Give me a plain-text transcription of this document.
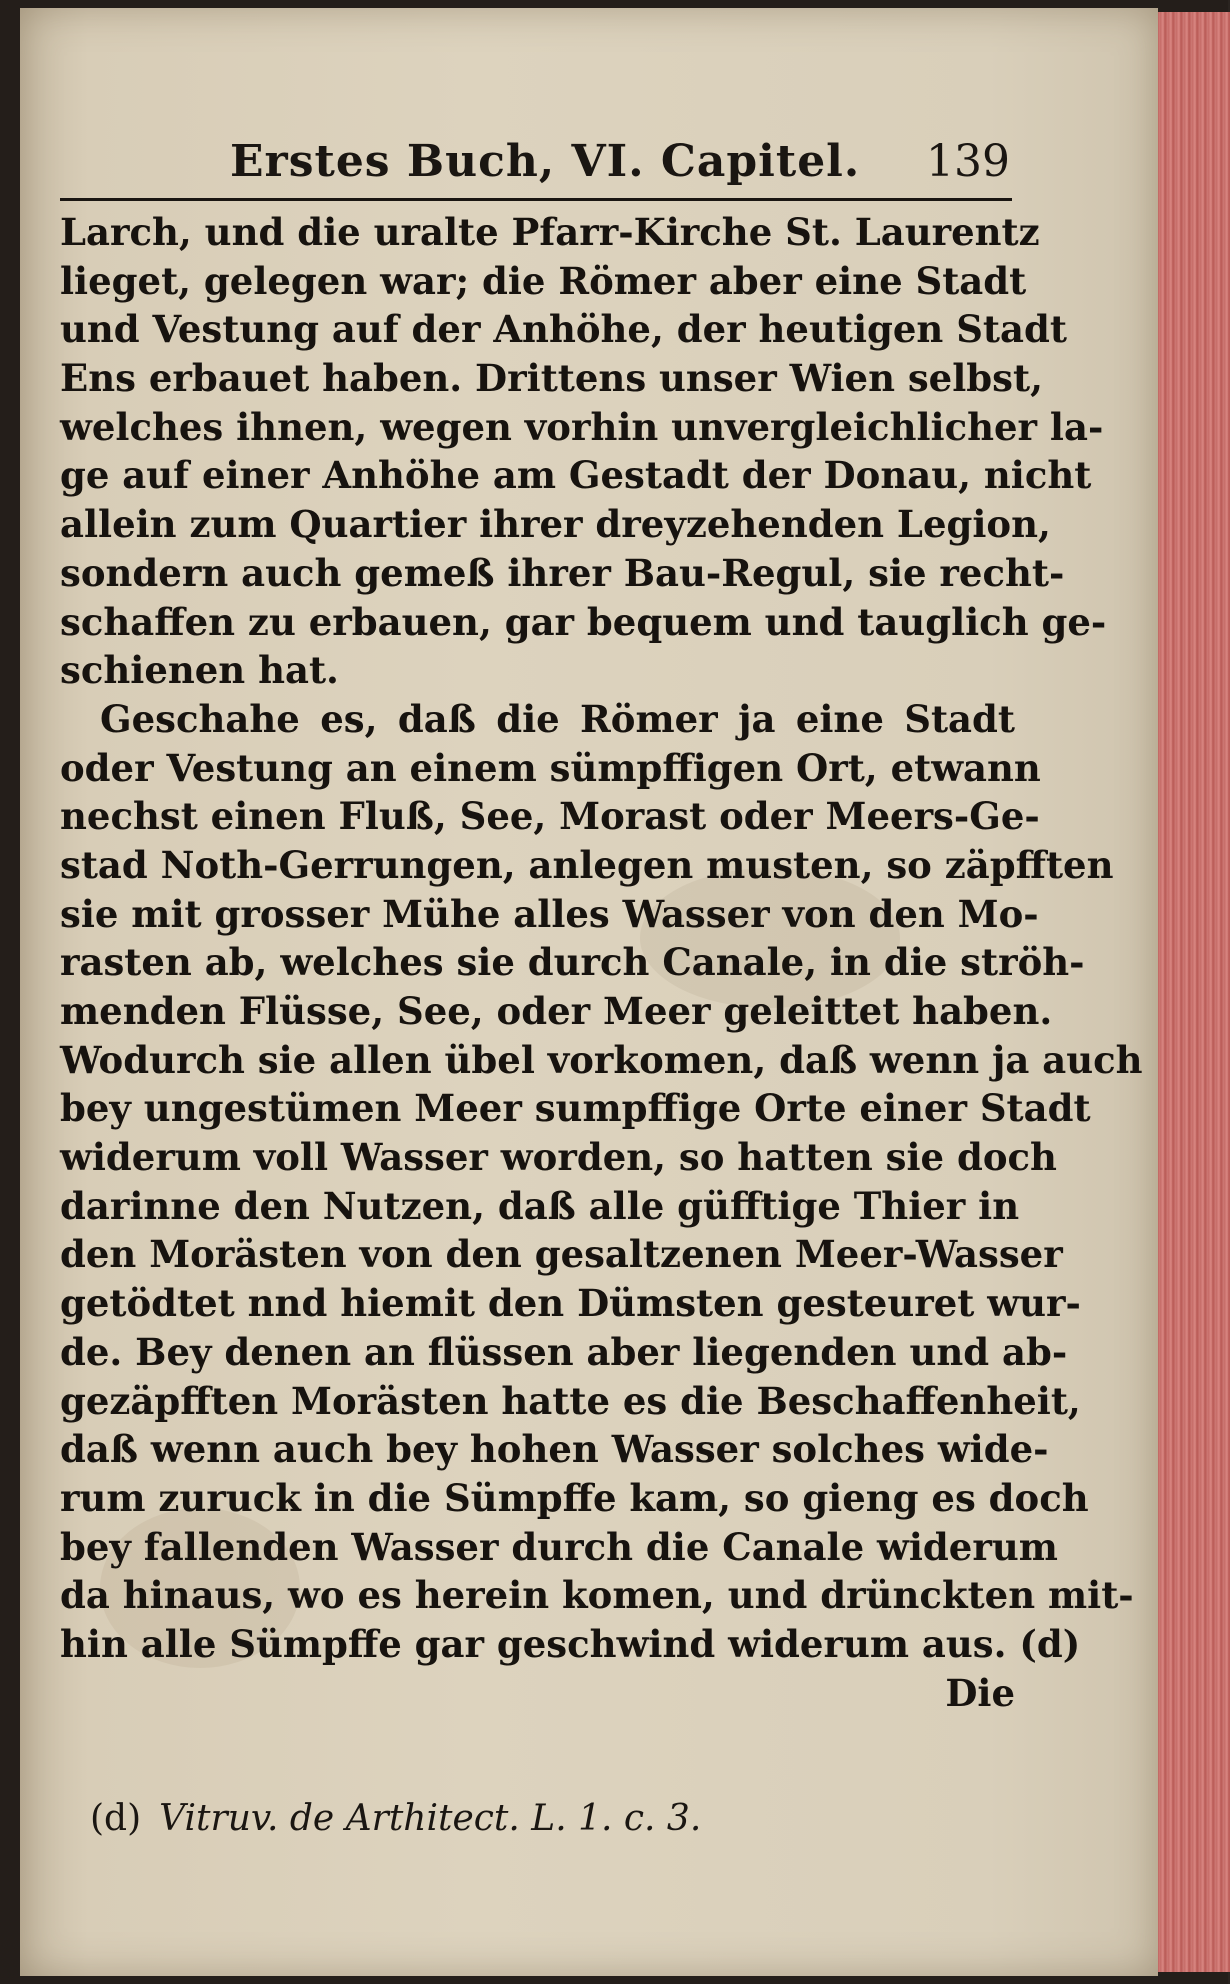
Erstes Buch, VI. Capitel. 139
Larch, und die uralte Pfarr-Kirche St. Laurentz
lieget, gelegen war; die Römer aber eine Stadt
und Vestung auf der Anhöhe, der heutigen Stadt
Ens erbauet haben. Drittens unser Wien selbst,
welches ihnen, wegen vorhin unvergleichlicher la-
ge auf einer Anhöhe am Gestadt der Donau, nicht
allein zum Quartier ihrer dreyzehenden Legion,
sondern auch gemeß ihrer Bau-Regul, sie recht-
schaffen zu erbauen, gar bequem und tauglich ge-
schienen hat.
Geschahe es, daß die Römer ja eine Stadt
oder Vestung an einem sümpffigen Ort, etwann
nechst einen Fluß, See, Morast oder Meers-Ge-
stad Noth-Gerrungen, anlegen musten, so zäpfften
sie mit grosser Mühe alles Wasser von den Mo-
rasten ab, welches sie durch Canale, in die ströh-
menden Flüsse, See, oder Meer geleittet haben.
Wodurch sie allen übel vorkomen, daß wenn ja auch
bey ungestümen Meer sumpffige Orte einer Stadt
widerum voll Wasser worden, so hatten sie doch
darinne den Nutzen, daß alle güfftige Thier in
den Morästen von den gesaltzenen Meer-Wasser
getödtet nnd hiemit den Dümsten gesteuret wur-
de. Bey denen an flüssen aber liegenden und ab-
gezäpfften Morästen hatte es die Beschaffenheit,
daß wenn auch bey hohen Wasser solches wide-
rum zuruck in die Sümpffe kam, so gieng es doch
bey fallenden Wasser durch die Canale widerum
da hinaus, wo es herein komen, und drünckten mit-
hin alle Sümpffe gar geschwind widerum aus. (d)
Die
(d) Vitruv. de Arthitect. L. 1. c. 3.
